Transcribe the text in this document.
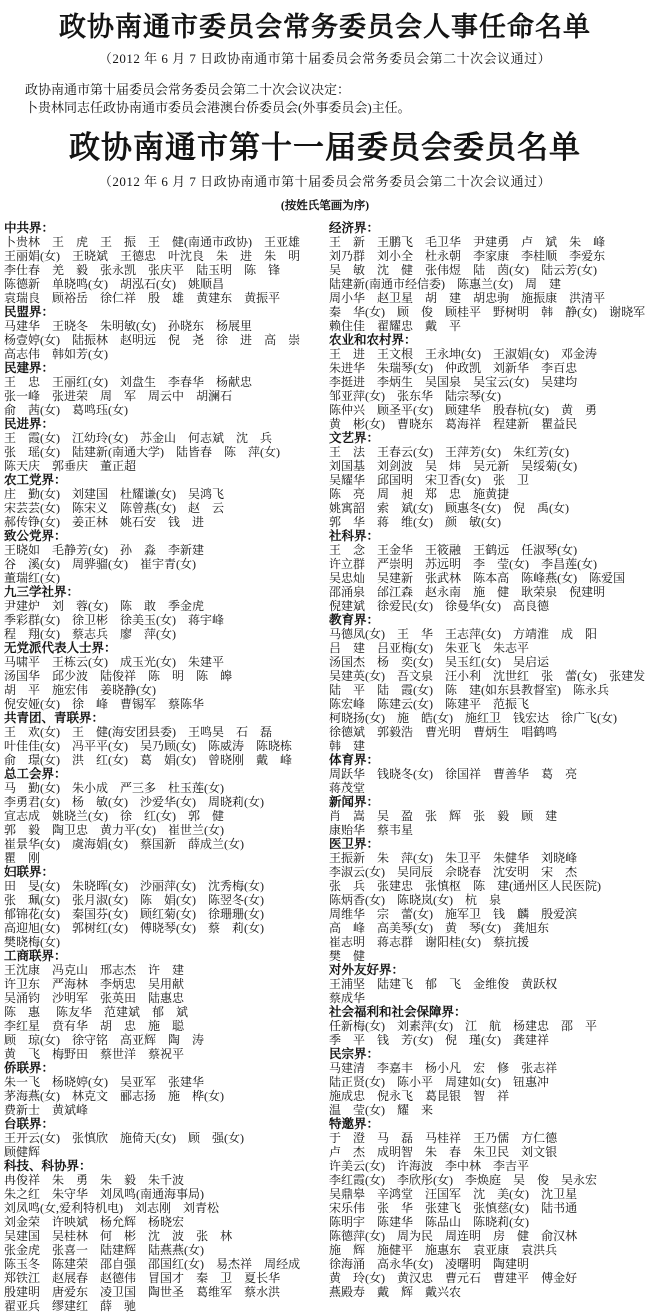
政协南通市委员会常务委员会人事任命名单
（2012 年 6 月 7 日政协南通市第十届委员会常务委员会第二十次会议通过）
政协南通市第十届委员会常务委员会第二十次会议决定：
卜贵林同志任政协南通市委员会港澳台侨委员会(外事委员会)主任。
政协南通市第十一届委员会委员名单
（2012 年 6 月 7 日政协南通市第十届委员会常务委员会第二十次会议通过）
(按姓氏笔画为序)
中共界：
卜贵林 王　虎 王　振 王　健(南通市政协) 王亚雄
王丽娟(女) 王晓斌 王德忠 叶沈良 朱　进 朱　明
李仕春 羌　毅 张永凯 张庆平 陆玉明 陈　锋
陈德新 单晓鸣(女) 胡泓石(女) 姚顺昌
袁瑞良 顾裕岳 徐仁祥 殷　雄 黄建东 黄振平
民盟界：
马建华 王晓冬 朱明敏(女) 孙晓东 杨展里
杨壹婷(女) 陆振林 赵明远 倪　尧 徐　进 高　崇
高志伟 韩如芳(女)
民建界：
王　忠 王丽红(女) 刘盘生 李春华 杨献忠
张一峰 张进荣 周　军 周云中 胡澜石
俞　茜(女) 葛鸣珏(女)
民进界：
王　霞(女) 江幼玲(女) 苏金山 何志斌 沈　兵
张　瑶(女) 陆建新(南通大学) 陆皆春 陈　萍(女)
陈天庆 郭垂庆 董正超
农工党界：
庄　勤(女) 刘建国 杜耀谦(女) 吴鸿飞
宋芸芸(女) 陈宋义 陈曾燕(女) 赵　云
郝传铮(女) 姜正林 姚石安 钱　进
致公党界：
王晓如 毛静芳(女) 孙　淼 李新建
谷　溪(女) 周骅骝(女) 崔宇青(女)
董瑞红(女)
九三学社界：
尹建炉 刘　蓉(女) 陈　敢 季金虎
季彩群(女) 徐卫彬 徐美玉(女) 蒋宇峰
程　翔(女) 蔡志兵 廖　萍(女)
无党派代表人士界：
马啸平 王栋云(女) 成玉光(女) 朱建平
汤国华 邱少波 陆俊祥 陈　明 陈　皞
胡　平 施宏伟 姜晓静(女)
倪安娅(女) 徐　峰 曹锡军 蔡陈华
共青团、青联界：
王　欢(女) 王　健(海安团县委) 王鸣昊 石　磊
叶佳佳(女) 冯平平(女) 吴乃顾(女) 陈威涛 陈晓栋
俞　璟(女) 洪　红(女) 葛　娟(女) 曾晓刚 戴　峰
总工会界：
马　勤(女) 朱小成 严三多 杜玉莲(女)
李勇君(女) 杨　敏(女) 沙爱华(女) 周晓莉(女)
宣志成 姚晓兰(女) 徐　红(女) 郭　健
郭　毅 陶卫忠 黄力平(女) 崔世兰(女)
崔景华(女) 虞海娟(女) 蔡国新 薛成兰(女)
瞿　刚
妇联界：
田　旻(女) 朱晓晖(女) 沙丽萍(女) 沈秀梅(女)
张　珮(女) 张月淑(女) 陈　娟(女) 陈翌冬(女)
郁锦花(女) 秦国芬(女) 顾红菊(女) 徐珊珊(女)
高迎旭(女) 郭树红(女) 傅晓琴(女) 蔡　莉(女)
樊晓梅(女)
工商联界：
王沈康 冯克山 邢志杰 许　建
许卫东 严海林 李炳忠 吴用献
吴涌钧 沙明军 张英田 陆惠忠
陈　惠	陈友华 范建斌 郁　斌
李红星 贲有华 胡　忠 施　聪
顾　琼(女) 徐守铭 高亚辉 陶　涛
黄　飞 梅野田 蔡世洋 蔡祝平
侨联界：
朱一飞 杨晓婷(女) 吴亚军 张建华
茅海燕(女) 林克文 郦志扬 施　桦(女)
费新士 黄斌峰
台联界：
王开云(女) 张慎欣 施倚天(女) 顾　强(女)
顾健辉
科技、科协界：
冉俊祥 朱　勇 朱　毅 朱千波
朱之红 朱守华 刘凤鸣(南通海事局)
刘凤鸣(女,爱利特机电) 刘志刚 刘青松
刘金荣 许映斌 杨允辉 杨晓宏
吴建国 吴桂林 何　彬 沈　波 张　林
张金虎 张喜一 陆建辉 陆燕燕(女)
陈玉冬 陈建荣 邵自强 邵国红(女) 易杰祥 周经成
郑铁江 赵展春 赵德伟 冒国才 秦　卫 夏长华
殷建明 唐爱东 凌卫国 陶世圣 葛维军 蔡水洪
翟亚兵 缪建红 薛　驰
经济界：
王　新 王鹏飞 毛卫华 尹建勇 卢　斌 朱　峰
刘乃群 刘小全 杜永朝 李家康 李桂顺 李爱东
吴　敏 沈　健 张伟煜 陆　茵(女) 陆云芳(女)
陆建新(南通市经信委) 陈惠兰(女) 周　建
周小华 赵卫星 胡　建 胡忠驹 施振康 洪清平
秦　华(女) 顾　俊 顾桂平 野树明 韩　静(女) 谢晓军
赖住佳 翟耀忠 戴　平
农业和农村界：
王　进 王文根 王永坤(女) 王淑娟(女) 邓金涛
朱进华 朱瑞琴(女) 仲政凯 刘新华 李百忠
李挺进 李炳生 吴国泉 吴宝云(女) 吴建均
邹亚萍(女) 张东华 陆宗琴(女)
陈仲兴 顾圣平(女) 顾建华 殷春杭(女) 黄　勇
黄　彬(女) 曹晓东 葛海祥 程建新 瞿益民
文艺界：
王　法 王春云(女) 王萍芳(女) 朱红芳(女)
刘国基 刘剑波 吴　炜 吴元新 吴绥菊(女)
吴耀华 邱国明 宋卫香(女) 张　卫
陈　亮 周　昶 郑　忠 施黄捷
姚寓韶 索　斌(女) 顾惠冬(女) 倪　禹(女)
郭　华 蒋　维(女) 颜　敏(女)
社科界：
王　念 王金华 王筱融 王鹤远 任淑琴(女)
许立群 严崇明 苏远明 李　莹(女) 李昌莲(女)
吴忠灿 吴建新 张武林 陈本高 陈峰燕(女) 陈爱国
邵涌泉 邰江森 赵永南 施　健 耿荣泉 倪建明
倪建斌 徐爱民(女) 徐曼华(女) 高良德
教育界：
马德凤(女) 王　华 王志萍(女) 方靖淮 成　阳
吕　建 吕亚梅(女) 朱亚飞 朱志平
汤国杰 杨　奕(女) 吴玉红(女) 吴启运
吴建英(女) 吾文泉 汪小利 沈世红 张　蕾(女) 张建发
陆　平 陆　霞(女) 陈　建(如东县教督室) 陈永兵
陈宏峰 陈建云(女) 陈建平 范振飞
柯晓扬(女) 施　皓(女) 施红卫 钱宏达 徐广飞(女)
徐德斌 郭毅浩 曹光明 曹炳生 唱鹤鸣
韩　建
体育界：
周跃华 钱晓冬(女) 徐国祥 曹善华 葛　亮
蒋茂堂
新闻界：
肖　嵩 吴　盈 张　辉 张　毅 顾　建
康贻华 蔡韦星
医卫界：
王振新 朱　萍(女) 朱卫平 朱健华 刘晓峰
李淑云(女) 吴同辰 佘晓春 沈安明 宋　杰
张　兵 张建忠 张慎枢 陈　建(通州区人民医院)
陈炳香(女) 陈晓岚(女) 杭　泉
周维华 宗　蕾(女) 施军卫 钱　麟 殷爱滨
高　峰 高美琴(女) 黄　琴(女) 龚旭东
崔志明 蒋志群 谢阳桂(女) 蔡抗援
樊　健
对外友好界：
王浦坚 陆建飞 郁　飞 金维俊 黄跃权
蔡成华
社会福利和社会保障界：
任新梅(女) 刘素萍(女) 江　航 杨建忠 邵　平
季　平 钱　芳(女) 倪　瑾(女) 龚建祥
民宗界：
马建清 李嘉丰 杨小凡 宏　修 张志祥
陆正贤(女) 陈小平 周建如(女) 钮惠冲
施成忠 倪永飞 葛昆银 智　祥
温　莹(女) 耀　来
特邀界：
于　澄 马　磊 马桂祥 王乃儒 方仁德
卢　杰 成明智 朱　春 朱卫民 刘文银
许美云(女) 许海波 李中林 李吉平
李红霞(女) 李欣彤(女) 李焕庭 吴　俊 吴永宏
吴鼎皋 辛鸿堂 汪国军 沈　美(女) 沈卫星
宋乐伟 张　华 张建飞 张慎慈(女) 陆书通
陈明宇 陈建华 陈品山 陈晓莉(女)
陈德萍(女) 周为民 周连明 房　健 俞汉林
施　辉 施健平 施惠东 袁亚康 袁洪兵
徐海涌 高永华(女) 凌曙明 陶建明
黄　玲(女) 黄汉忠 曹元石 曹建平 傅金好
燕殿寿 戴　辉 戴兴农
